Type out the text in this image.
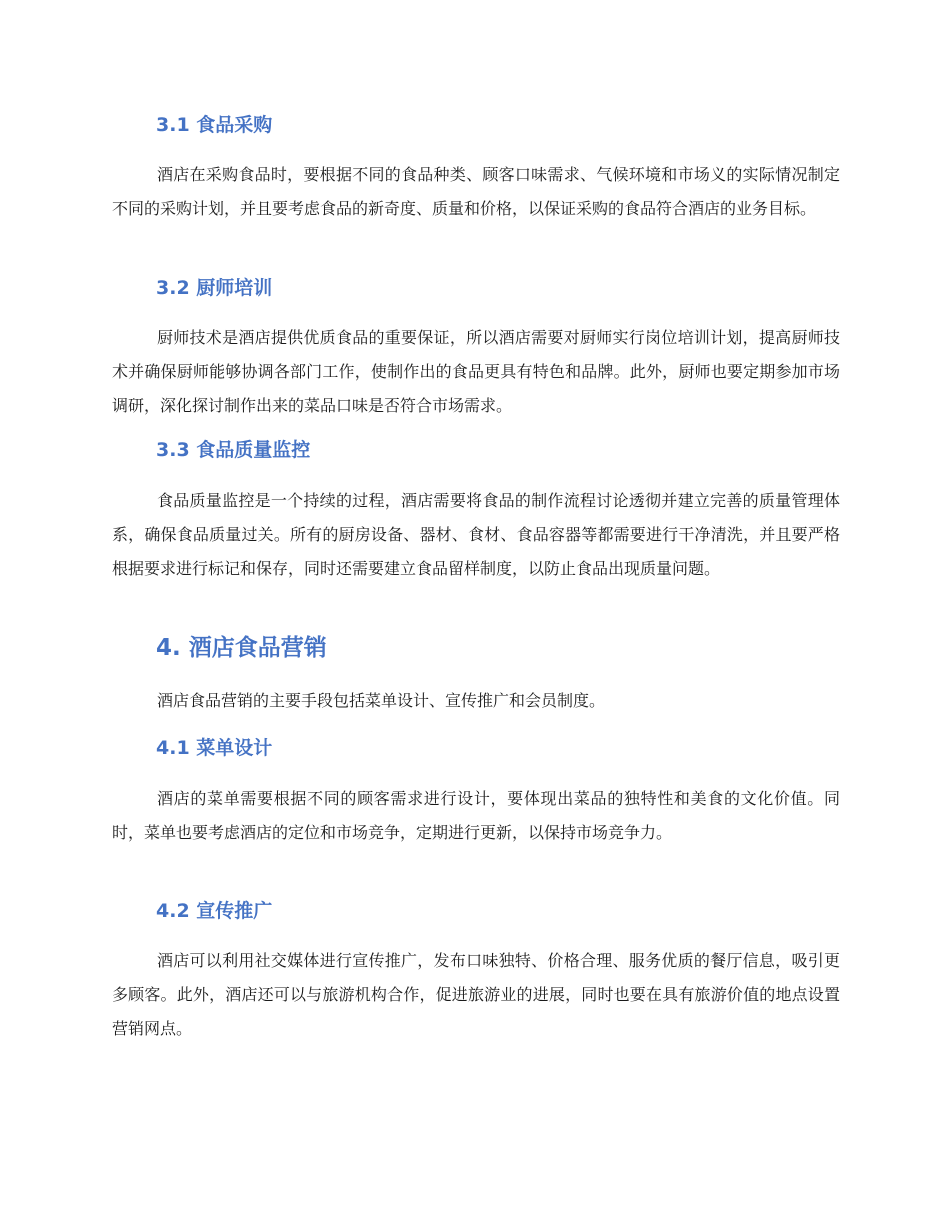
3.1 食品采购

酒店在采购食品时，要根据不同的食品种类、顾客口味需求、气候环境和市场义的实际情况制定不同的采购计划，并且要考虑食品的新奇度、质量和价格，以保证采购的食品符合酒店的业务目标。

3.2 厨师培训

厨师技术是酒店提供优质食品的重要保证，所以酒店需要对厨师实行岗位培训计划，提高厨师技术并确保厨师能够协调各部门工作，使制作出的食品更具有特色和品牌。此外，厨师也要定期参加市场调研，深化探讨制作出来的菜品口味是否符合市场需求。

3.3 食品质量监控

食品质量监控是一个持续的过程，酒店需要将食品的制作流程讨论透彻并建立完善的质量管理体系，确保食品质量过关。所有的厨房设备、器材、食材、食品容器等都需要进行干净清洗，并且要严格根据要求进行标记和保存，同时还需要建立食品留样制度，以防止食品出现质量问题。

4. 酒店食品营销

酒店食品营销的主要手段包括菜单设计、宣传推广和会员制度。

4.1 菜单设计

酒店的菜单需要根据不同的顾客需求进行设计，要体现出菜品的独特性和美食的文化价值。同时，菜单也要考虑酒店的定位和市场竞争，定期进行更新，以保持市场竞争力。

4.2 宣传推广

酒店可以利用社交媒体进行宣传推广，发布口味独特、价格合理、服务优质的餐厅信息，吸引更多顾客。此外，酒店还可以与旅游机构合作，促进旅游业的进展，同时也要在具有旅游价值的地点设置营销网点。
